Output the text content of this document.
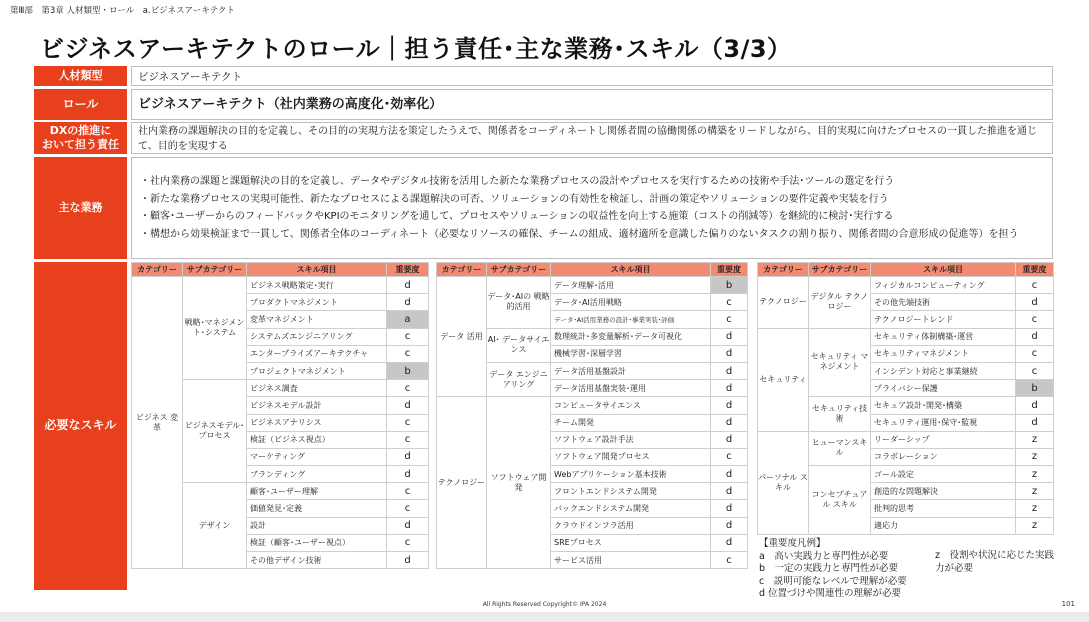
第Ⅲ部　第3章 人材類型・ロール　a.ビジネスアーキテクト
ビジネスアーキテクトのロール｜担う責任･主な業務･スキル（3/3）
人材類型	ビジネスアーキテクト
ロール	ビジネスアーキテクト（社内業務の高度化･効率化）
DXの推進に
おいて担う責任
社内業務の課題解決の目的を定義し、その目的の実現方法を策定したうえで、関係者をコーディネートし関係者間の協働関係の構築をリードしながら、目的実現に向けたプロセスの一貫した推進を通じて、目的を実現する
主な業務
・ 社内業務の課題と課題解決の目的を定義し、データやデジタル技術を活用した新たな業務プロセスの設計やプロセスを実行するための技術や手法･ツールの選定を行う
・ 新たな業務プロセスの実現可能性、新たなプロセスによる課題解決の可否、ソリューションの有効性を検証し、計画の策定やソリューションの要件定義や実装を行う
・ 顧客･ユーザーからのフィードバックやKPIのモニタリングを通して、プロセスやソリューションの収益性を向上する施策（コストの削減等）を継続的に検討･実行する
・ 構想から効果検証まで一貫して、関係者全体のコーディネート（必要なリソースの確保、チームの組成、適材適所を意識した偏りのないタスクの割り振り、関係者間の合意形成の促進等）を担う
必要なスキル
カテゴリー	サブカテゴリー	スキル項目	重要度
ビジネス 変革	戦略･マネジメン ト･システム	ビジネス戦略策定･実行	d
		プロダクトマネジメント	d
		変革マネジメント	a
		システムズエンジニアリング	c
		エンタープライズアーキテクチャ	c
		プロジェクトマネジメント	b
	ビジネスモデル･ プロセス	ビジネス調査	c
		ビジネスモデル設計	d
		ビジネスアナリシス	c
		検証（ビジネス視点）	c
		マーケティング	d
		ブランディング	d
	デザイン	顧客･ユーザー理解	c
		価値発見･定義	c
		設計	d
		検証（顧客･ユーザー視点）	c
		その他デザイン技術	d
カテゴリー	サブカテゴリー	スキル項目	重要度
データ 活用	データ･AIの 戦略的活用	データ理解･活用	b
		データ･AI活用戦略	c
		データ･AI活用業務の設計･事業実装･評価	c
	AI･ データサイエンス	数理統計･多変量解析･データ可視化	d
		機械学習･深層学習	d
	データ エンジニアリング	データ活用基盤設計	d
		データ活用基盤実装･運用	d
テクノロジー	ソフトウェア開発	コンピュータサイエンス	d
		チーム開発	d
		ソフトウェア設計手法	d
		ソフトウェア開発プロセス	c
		Webアプリケーション基本技術	d
		フロントエンドシステム開発	d
		バックエンドシステム開発	d
		クラウドインフラ活用	d
		SREプロセス	d
		サービス活用	c
カテゴリー	サブカテゴリー	スキル項目	重要度
テクノロジー	デジタル テクノロジー	フィジカルコンピューティング	c
		その他先端技術	d
		テクノロジートレンド	c
セキュリティ	セキュリティ マネジメント	セキュリティ体制構築･運営	d
		セキュリティマネジメント	c
		インシデント対応と事業継続	c
		プライバシー保護	b
	セキュリティ技術	セキュア設計･開発･構築	d
		セキュリティ運用･保守･監視	d
パーソナル スキル	ヒューマンスキル	リーダーシップ	z
		コラボレーション	z
	コンセプチュアル スキル	ゴール設定	z
		創造的な問題解決	z
		批判的思考	z
		適応力	z
【重要度凡例】
a　高い実践力と専門性が必要
b　一定の実践力と専門性が必要
c　説明可能なレベルで理解が必要
d 位置づけや関連性の理解が必要
z　役割や状況に応じた実践力が必要
All Rights Reserved Copyright© IPA 2024	101
